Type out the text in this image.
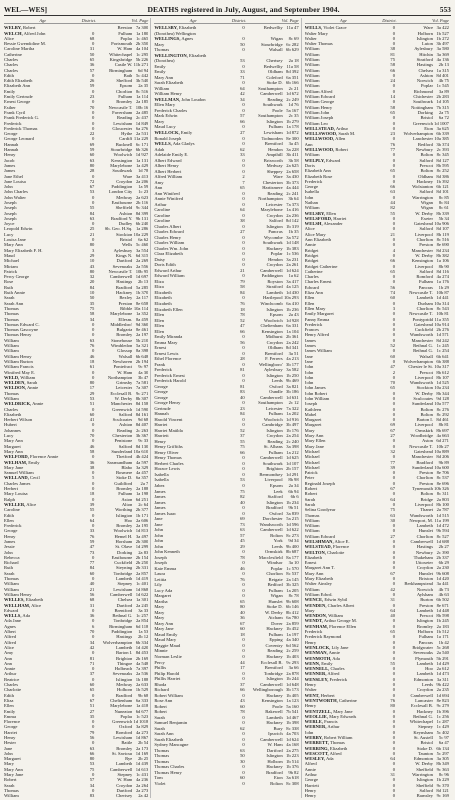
WEL—WES]	DEATHS registered in July, August, and September 1904.	553
Age	District.	Vol. Page
WELBY, Robert	Beeston 7a 300
WELCH, Alfred John	0	Fulham 1a 180
Alice	68	Poplar 1c 465
Bessie Gwendoline M.	0	Portsmouth 2b 350
Caroline Martha	31	W. Ham 4a 104
Catherine	50	Whitechapel 1c 295
Charles	65	Kingsbridge 5b 226
Charles	36	Castle W. 11b 271
Charles	57	Birmingham	6d 94
Edith	0	Bath 5c 442
Edith Elizabeth	26	Shefford 3b 540
Elizabeth Ann	59	Epsom	2a 35
Emily	0	Chorlton 8c 516
Emily Gertrude	23	Fulham 1a 114
Ernest George	0	Bromley 2a 185
Esther	70	Newcastle T. 10b 16
Frank Cyril	0	Faversham 2a 485
Frank Frederick G.	0	Reading 2c 437
Frederick	0	Lewisham 1d 849
Frederick Thomas	0	Gloucester 6a 276
George	22	Hythe 2a 531
George Leonard	0	Cardiff 11a 229
Hannah	69	Bucknell 6c 171
Hannah	59	Stourbridge 6b 326
Henry	60	Woolwich 1d 927
Jacob	63	Kensington 1a 131
James	80	Marylebone 1a 429
James	28	Southwark	1d 78
Jane Ethel	0	Ware 3a 413
Jane Louisa	72	Croydon 2a 206
John	67	Paddington	1a 59
John Charles	53	London City	1c 23
John Walter	0	Medway 2a 623
Joseph	0	Eastbourne 2b 116
Joseph	55	Sheffield 9c 344
Joseph	84	Ashton 8d 399
Joseph	63	Bradford Y. 9b 131
Joyce	0	Dudley 6b 240
Leopold Edwin	25	Sh. Geo. H.Sq. 1a 286
Lucy	21	Stockton 10a 229
Louisa Jane	0	Bristol	6a 62
Mary Ann	80	Wells 5c 460
Mary Elizabeth F. H.	3	Aylesbury 3a 554
Maud	29	Kings N. 6d 315
Michael	10	Dartford 2a 269
Miriam	43	Sevenoaks 2a 556
Patrick	80	Newcastle T. 10b 95
Percy George	32	Camberwell 1d 697
Rose	20	Hastings	2b 13
Ruth	84	Bradford 5a 285
Ruth Annie	10	Hackney 1b 370
Sarah	50	Bexley 2a 117
Sarah Ann	35	Preston 8e 658
Thomas	75	Ribble 10a 114
Thomas	58	Marylebone 1a 352
Thomas	34	Ellesm. 8a 459
Thomas Edward C.	0	Middlesbro' 9d 360
Thomas Gascoyne	0	Bulgaria 8e 461
Thomas Henry	0	Bromley 2a 197
William	63	Stonehouse 5b 210
William	76	Wimbledon 5a 321
William	0	Glossop 8a 398
William Henry	46	Walsall 6b 648
William Burton	18	Newhaven 2b 194
William Francis	61	Pontefract	9c 97
Winifred May E.	0	W. Ham	4a 30
WELD, William	0	Northampton	3b 47
WELDEN, Sarah	80	Grimsby 7a 581
WELDON, Annie	17	Leicester 7a 307
Thomas	29	Ecclesall B. 9c 271
William	53	W. Derby 8b 307
WELDRICK, Annie	51	Manchester 8d 158
Charles	0	Greenwich 1d 590
Elizabeth	60	Salford 8d 161
Herbert Wilson	41	Sculcoates	9d 68
Hubert	0	Ashton 8d 407
Johannes	0	Reading 2c 263
Lucy	70	Chesterton 3b 367
Mary Ann	0	Penistone	9c 33
Margaret	46	Salford 8d 130
Mary Ann	58	Sunderland 10a 610
WELFORD, Florence Annie	0	Thetford 4b 424
WELHAM, Emily	36	Saxmundham 4a 597
Mary Jane	38	Blabo 3a 329
Samuel William	0	Bosmere 4a 457
WELLAND, Cecil	5	Stoke D. 6a 357
Charles James	0	Guildford	2a 7
Herbert	0	Bromley 2a 188
Mary Louisa	18	Fulham 1a 198
Ralph	0	Aston 6d 251
WELLER, Alice	39	Alton	2c 64
Caroline	55	Worthing 2b 377
Edith	0	Islington 1b 171
Ellen	64	Hoo 2a 606
Frederick	0	Bromley 2a 195
George	33	Woolwich 1d 813
Henry	76	Hemel H. 3a 497
James	59	Horsham 2b 300
Jessie	47	St. Olave 1d 299
John	73	Dorking	2a 83
Rebecca	0	Eastbourne 2b 154
Richard	77	Cuckfield 2b 250
Ruth	84	Steyning 2b 331
Sarah	60	Tonbridge 2a 857
Thomas	0	Lambeth 1d 419
William	40	Stepney 1c 401
William	21	Lewisham 1d 868
William Henry	56	Camberwell 1d 622
WELLES, Elizabeth	68	Chelsea 1a 301
WELLHAM, Alice	31	Dartford 2a 245
Edward	0	Brentford	3a 33
WELLS, Ada	36	Bethnal G. 1c 257
Ada Jane	0	Tonbridge 2a 854
Agnes	6	Birmingham 6d 118
Albert	70	Paddington	1a 53
Alfred	0	Hastings	2b 12
Alfred	34	Wolverhampton 6b 334
Alice	42	Lambeth 1d 420
Amy	0	Barton I. 8d 453
Ann	81	Brighton 2b 169
Ann	71	Thingoe 4a 548
Annie	0	Holbeach 7a 397
Arthur	37	Sevenoaks 2a 536
Beatrice	0	Islington 1b 188
Charles	60	Medway 2a 633
Charlotte	65	Holborn 1b 529
Edith	0	Bradford	9b 68
Eliza	67	Cheltenham 6a 333
Ellen	51	Marylebone 1a 418
Emily	27	Nuneaton 6d 677
Emma	35	Poplar 1c 523
Florence	0	Greenwich 1d 1018
George	0	Oxford 3a 829
Harriet	79	Romford 4a 273
Henry	56	Lewisham 1d 867
Hester	0	Battle	2b 54
Jane	63	Bromley 2a 173
John	66	St. Saviour 1d 169
Margaret	80	Rye	2b 25
Mary	53	Lambeth 1d 439
Mary Ann	75	Camberwell 1d 613
Mary Jane	0	Stepney 1c 431
Robert	57	W. Ham 4a 236
Sarah	34	Croydon 2a 264
Thomas	0	Dartford 2a 273
William	83	Chertsey	2a 42
Age	District.	Vol. Page
WELLSBY, Elizabeth	0	Bedwellty 11a 47
(Dorothea) Wellington
WELLINGS, Agnes	0	Wigan	8c 69
Mary	50	Stourbridge 6c 282
Thomas	0	Walsall 6b 629
WELLINGTON, Elizabeth
(Dorothea)	53	Chertsey	2a 18
Emily	0	Bedwellty 11a 58
Emily	33	Oldham 8d 392
Mary Ann	71	Coleford 6a 351
Sarah Elizabeth	0	Stoke D. 6b 166
William	64	Southampton	2c 21
William Henry	42	Camberwell 1d 672
WELLMAN, John Loudon	34	Reading 2c 249
Ellen Mary	0	Southwark	1d 76
Frederick Charles	0	Poole 5a 167
Mark Edwin	57	Southampton	2c 35
Mary	66	Islington 1b 279
Maud Lucy	0	Fulham 1a 178
WELLOCK, Emily	27	Lewisham 1d 872
Ronald Joseph	0	Todmorden 8e 300
WELLS, Ada Gladys	0	Brentford	3a 45
Adah	62	Hendon 3a 228
Adelaide Emily E.	33	Ampthill 3b 411
Albert Edward	0	Brixworth	3b 58
Albert Henry	0	Medway 2a 625
Albert Herbert	0	Sheppey 2a 658
Alfred William	2	Ware 3a 430
Amy	7	Chesterton 3b 373
Ann	65	Hartismere 4a 444
Ann Winifred	0	Reading 2c 241
Annie Winifred	0	Northampton	3b 64
Arthur	0	Leicester 7a 373
Caroline	64	Marylebone 1a 416
Caroline	0	Croydon 2a 236
Caroline	38	Salford 8d 142
Charles Albert	0	Islington 1b 319
Charles Edward	27	Pancras	1b 35
Charles Henry	0	Wycombe 3a 572
Charles William	0	Southwark 1d 148
Charles Wm. John	0	Hackney 1b 383
Clara Elizabeth	0	Poplar 1c 536
Daisy	0	Hendon 3a 231
Doris Edith	0	Croydon 2a 261
Edward Arthur	21	Camberwell 1d 624
Edward William	0	Paddington	1a 62
Eliza	79	Royston 3a 417
Eliza	58	Stratford 4a 125
Elizabeth	84	Lambeth 1d 430
Elizabeth	0	Hartlepool 10a 293
Elizabeth	76	Winchcomb 6a 410
Elizabeth Ellen	18	Islington 1b 236
Ellen	78	Epsom	2a 43
Ellen	52	Woolwich 1d 928
Ellen	47	Cheltenham 6a 331
Ellen	66	Kensington 1a 104
Emily Miranda	0	Midhurst 2b 361
Emma Mary	56	Croydon 2a 242
Ernest	0	Oldham 8d 341
Ernest Lewis	0	Brentford	3a 51
Ethel Florence	28	F. Ferrers 4a 213
Frank	0	Wellingboro' 3b 177
Frederick	81	Aylesbury 3a 582
Frederick Ernest	0	Islington 1b 250
Frederick Harold	0	Leeds 9b 469
George	81	Oxford 3a 821
George	83	Oundle 3b 186
George	40	Camberwell 1d 631
George Henry	0	Southampton	2c 12
Gertrude	23	Leicester 7a 322
Hannah	84	Fulham 1a 202
Harold Vincent	0	Woolwich 1d 916
Harriet	0	Cambridge 3b 497
Harriet Matilda	52	Islington 1b 176
Harriett	37	Croydon 2a 254
Henry	55	Reading 2c 240
Henry Griffiths	75	St. Albans 3a 398
Henry Oliver	66	Fulham 1a 212
Henry Thomas	0	Camberwell 1d 625
Herbert Charles	0	Southwark 1d 107
Horace Lewis	0	Brighton 2b 157
Isabella	0	Bermondsey 1d 291
Isabella	53	Liverpool	8b 98
Jabez	0	Epsom	2a 34
James	75	Leek	6b 94
James	82	Stafford	6b 6
James	40	Islington 1b 234
James	0	Bradford	9b 51
James Isaac	0	Oxford 3a 839
Jane	69	Dorchester 5a 215
Jane	73	Wandsworth 1d 596
John	63	Camberwell 1d 622
John	57	Bolton 8c 273
John	45	York	9d 34
John	29	Leeds 9b 400
John Kenneth	0	Ormskirk 8b 687
Joseph	78	Macclesfield 8a 177
Joseph	0	Windsor	3a 10
Kate Emma	46	Poplar 1c 570
Laura	0	Chorlton 8c 537
Letitia	76	Reigate 2a 145
Lily	0	Bedford 3b 325
Lucy Ada	0	Fulham 1a 205
Margaret	0	Wigan	8c 78
Martha	65	Hunslet 9b 608
Mary	80	Stoke D. 6b 146
Mary	40	W. Derby 8b 412
Mary	36	Atcham 6a 780
Mary Ann	67	Dover 2a 859
Mary Jane	60	Hackney 1b 452
Maud Emily	18	Fulham 1a 197
Maud Mary	0	Epping 4a 340
Maggie Maud	0	Coventry 6d 562
Minnie	0	Reading 2c 259
Norman Leslie	0	Hackney 1b 403
Percy	44	Ecclesall B. 9c 293
Phillis	17	Brentford	3a 66
Philip Harold	0	Tonbridge 2a 878
Phillis Harriet	0	Islington 1b 244
Rhoda	37	Camberwell 1d 648
Richard	66	Wellingborough 3b 173
Robert William	0	Hackney 1b 405
Rose Ann	43	Kensington 1a 123
Robert	60	Poole 5a 160
Robert	78	Bakewell 7b 541
Sarah	0	Lambeth 1d 467
Samuel Benjamin	0	Hackney 1b 398
Sarah	62	Bury 8c 338
Sarah Ann	0	Ipswich 4a 703
Sarah Elizabeth	0	Camberwell 1d 624
Sydney Mancagne	0	W. Ham 4a 168
Thomas	63	Dartford 2a 275
Thomas	50	Islington 1b 223
Thomas	30	Holborn 1b 514
Thomas Charles	0	Hackney 1b 376
Thomas Henry	0	Bradford	9b 82
Tom	60	Eton 3a 618
Violet	0	Bolton 8c 308
Age	District.	Vol. Page
WELLS, Violet Grace	0	Ware 3a 422
Walter Mary	0	Holborn 1b 527
Walter	0	Islington 1b 272
Walter Thomas	0	Luton 3b 497
William	38	Aylesbury 3a 580
William	81	Hitchin 3a 369
William	75	Stratford 4a 136
William	58	Hastings	2b 13
William	66	Chelsea 1a 315
William	0	Ashton 8d 401
William	24	Norwich	4b 75
William	0	Poplar 1c 545
William Alfred	0	Richmond	3a 89
William Edward	14	Chichester 2b 283
William George	0	Southwark 1d 105
William Henry	58	Nottingham 7b 315
William John	65	Dorking	2a 75
William Joseph	0	Bristol	6a 72
William Leo	0	Greenwich 1d 1007
WELLSTEAD, Arthur	0	Eton 3a 625
WELLSWOOD, Sarah M.	23	Wolverhampton 6b 339
WELLWOOD, Allen	0	Lanchester 10a 385
Ann	76	Bedford 3b 374
WELLWOOD, Robert	77	Newbury 2c 393
William	0	Bolton 8c 345
WELPLY, Edward	0	Salford 8d 127
Doris	0	Prescot 8b 595
Elizabeth Ann	65	Bolton 8c 252
Elizabeth Rose	0	Oldham 8d 386
Frederick	0	Hackney 1b 392
George	66	Wolstanton 6b 121
Isabella	63	Salford 8d 101
John	0	Warrington	8c 85
Nathan	44	Wigan	8c 84
William	82	Wigan	8c 61
WELSBY, Ellen	55	W. Derby 8b 339
WELSFORD, Harriet	0	Exeter	5b 34
WELSH, Alexander	0	Gateshead 10a 906
Alice	0	Salford 8d 107
Alice Mary	21	Liverpool 8b 119
Ann Elizabeth	0	Chorlton 8c 516
Annie	0	Preston 8e 690
Bridget	4	Manchester 8d 234
Bridget	0	W. Derby 8b 382
Bridget	66	Kensington 1a 106
Bridget Catherine	0	Liverpool	8b 90
Catherine	65	Salford 8d 116
Charles	0	Romford 4a 274
Charles Ernest	0	Fulham 1a 176
Edward	56	Pancras	1b 29
Eliza Ann	74	Newcastle T. 10b 87
Ellen	60	Lambeth 1d 441
Ellen	0	Durham 10a 314
Ellen Mary	3	Chorlton 8c 543
Emily Margaret	0	Newcastle T. 10b 81
Fanny Emma	0	Pontypridd 11a 355
Frederick	0	Gateshead 10a 914
Frances	0	Cuckfield 2b 276
Henry Alfred	0	Wandsworth 1d 571
James	0	Manchester 8d 242
James	52	Bethnal G. 1c 245
James William	0	Bethnal G. 1c 254
Jane	60	Walsall 6b 641
Jane	0	Wolverhampton 6b 388
John	47	Chester le St. 10a 317
John	2	Prescot 8b 612
John	0	Liverpool 8b 107
John	70	Wandsworth 1d 525
John James	65	Stockton 10a 234
John Robert	0	W. Derby 8b 344
John William	0	Sculcoates 9d 128
Joseph	0	Sunderland 10a 577
Kathleen	0	Bolton 8c 276
Mabel	0	Bolton 8c 292
Margaret	0	Barton I. 8d 461
Margaret	69	Liverpool	8b 81
Mary	67	Ormskirk 8b 697
Mary Ann	27	Woodbridge 4a 663
Mary Ellen	0	Aston 6d 271
Mary Jane	0	Newcastle T. 10b 27
Michael	32	Gateshead 10a 889
Michael	0	Manchester 8d 206
Michael	77	Bradford	9b 89
Michael	39	Sunderland 10a 600
Patrick	0	Preston 8e 706
Peter	0	Chorlton 8c 537
Reginald Joseph	0	Preston 8e 696
Robert	67	Tynemouth 10b 326
Robert	0	Bolton 8c 311
Sarah	64	Bridge 2a 803
Sarah	0	Liverpool 8b 100
Selina Goodyear	75	Thanet 2a 787
Thomas	63	Wandsworth 1d 515
William	30	Newport, M. 11a 199
William	0	Lambeth 1d 472
William	0	Hunslet 9b 594
William Edward	27	Chorlton 8c 527
WELSHMAN, Alice E.	0	Camberwell 1d 688
WELSTEAD, Florence	0	Hastings	2b 27
WELTON, Charlotte	0	Newbury 2c 390
Elizabeth	0	Thakeham 2b 337
Ernest	0	Uttoxeter	6b 29
Margaret Ann T.	0	Croydon 2a 230
Mary Ann	67	Hunslet 9b 608
Mary Elizabeth	0	Brixton 1d 420
Walter Ainsley	0	Berkhampstead 3a 441
William	42	Norwich	4b 73
William Edwd.	0	Aylsham	4b 63
WENCE, Edwin Sybil	31	Burton 6b 502
WENDEN, Charles Albert	0	Preston 8e 671
Mary	64	Lambeth 1d 448
WENDON, William	40	Prescot 8b 598
WENDT, Arthur George M.	0	Islington 1b 245
WENHAM, Florence Ellen	0	Bromley 2a 183
Frederick	65	Holborn 1b 512
Frederick Raymond	0	Fulham 1a 171
Henry	0	Pancras	1b 42
WENLOCK, Lily Jane	0	Bridgwater 5c 268
WENMAN, Annie	0	Sevenoaks 2a 540
WENMOTH, Ada	0	Plymouth 5b 291
WENN, Emily	55	Lambeth 1d 429
WENNELL, Charles	0	Hoo 2a 612
WENNER, Alfred	0	Lambeth 1d 473
WENSLEY, Frederick	0	Edmonton 3a 311
Henry	0	Leeds 9b 422
Walter	0	Croydon 2a 235
WENT, Herbert	0	Camberwell 1d 694
WENTWORTH, Catherine	76	Lancaster 8e 823
Henry	80	Ecclesall B. 9c 279
WENTZELL, Mary Jane	0	Hackney 1b 396
WEOLLIE, Mary Edwards	0	Bethnal G. 1c 256
WERLE, Francis	0	Whitechapel 1c 287
WERNER, Arthur	0	Stepney 1c 429
John	0	Keynsham 5c 402
WERRY, Robert William	0	St. Austell	5c 97
WERRETT, Thomas	0	Bristol	6a 47
WERRING, Elizabeth	0	Stoke D. 6b 134
WESCOTT, Alfred	0	Taunton 5c 297
WESLEY, Ada	64	Edmonton 3a 305
Alfred	0	W. Derby 8b 349
Annie	0	Sheffield 9c 363
Arthur	31	Warrington	8c 96
George	0	Islington 1b 229
Harriett	0	Sheffield 9c 370
Henry	0	Salford 8d 121
Henry	0	Barnsley 9c 169
